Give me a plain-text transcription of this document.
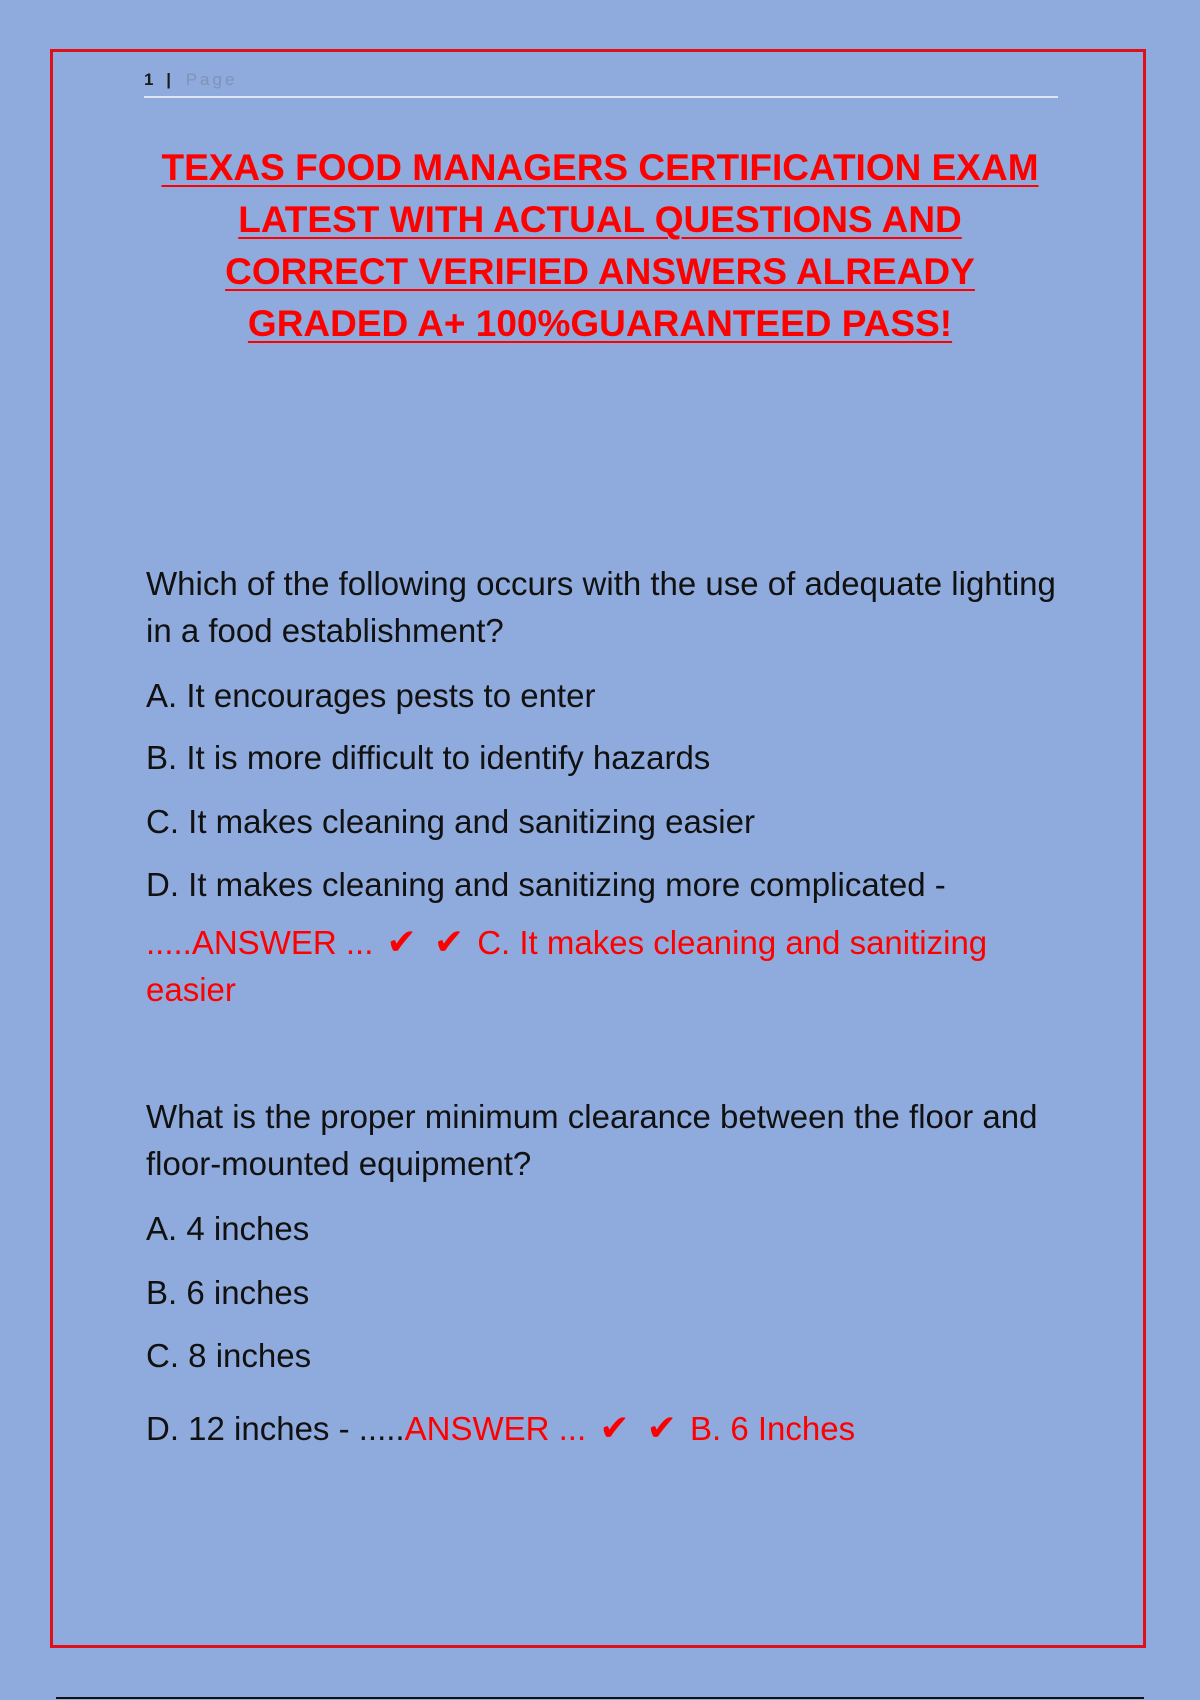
1 | Page
TEXAS FOOD MANAGERS CERTIFICATION EXAM LATEST WITH ACTUAL QUESTIONS AND CORRECT VERIFIED ANSWERS ALREADY GRADED A+ 100%GUARANTEED PASS!
Which of the following occurs with the use of adequate lighting in a food establishment?
A. It encourages pests to enter
B. It is more difficult to identify hazards
C. It makes cleaning and sanitizing easier
D. It makes cleaning and sanitizing more complicated -
.....ANSWER ... ✔ ✔ C. It makes cleaning and sanitizing easier
What is the proper minimum clearance between the floor and floor-mounted equipment?
A. 4 inches
B. 6 inches
C. 8 inches
D. 12 inches - .....ANSWER ... ✔ ✔ B. 6 Inches
